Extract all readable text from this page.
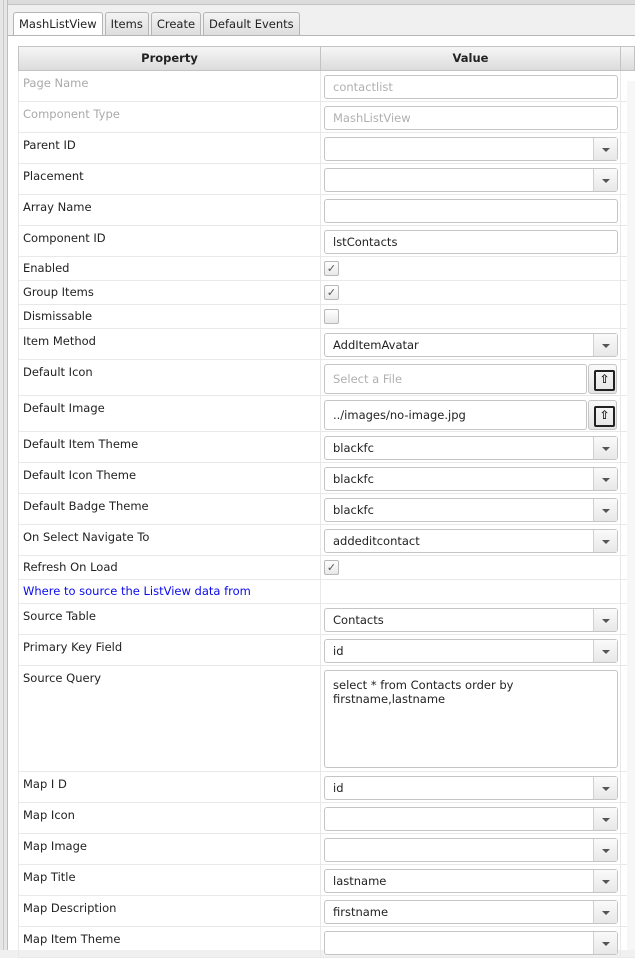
MashListView	Items	Create	Default Events
Property	Value
Page Name	contactlist
Component Type	MashListView
Parent ID
Placement
Array Name
Component ID	lstContacts
Enabled	✓
Group Items	✓
Dismissable
Item Method	AddItemAvatar
Default Icon	Select a File
⇧
Default Image	../images/no-image.jpg
⇧
Default Item Theme	blackfc
Default Icon Theme	blackfc
Default Badge Theme	blackfc
On Select Navigate To	addeditcontact
Refresh On Load	✓
Where to source the ListView data from
Source Table	Contacts
Primary Key Field	id
Source Query	select * from Contacts order by firstname,lastname
Map I D	id
Map Icon
Map Image
Map Title	lastname
Map Description	firstname
Map Item Theme
